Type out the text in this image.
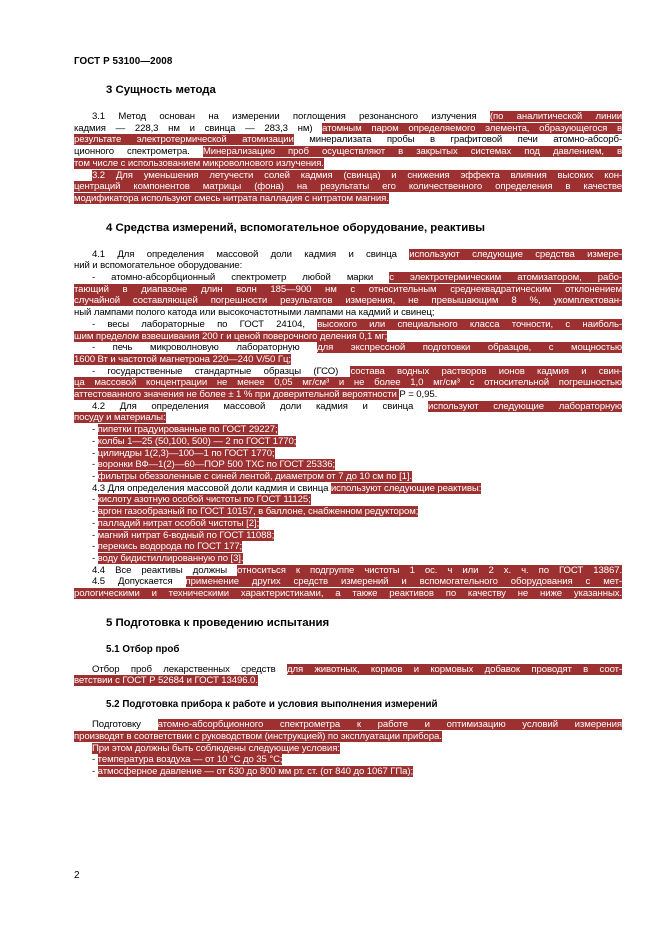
ГОСТ Р 53100—2008
3 Сущность метода
3.1 Метод основан на измерении поглощения резонансного излучения (по аналитической линии
кадмия — 228,3 нм и свинца — 283,3 нм) атомным паром определяемого элемента, образующегося в
результате электротермической атомизации минерализата пробы в графитовой печи атомно-абсорб-
ционного спектрометра. Минерализацию проб осуществляют в закрытых системах под давлением, в
том числе с использованием микроволнового излучения.
3.2 Для уменьшения летучести солей кадмия (свинца) и снижения эффекта влияния высоких кон-
центраций компонентов матрицы (фона) на результаты его количественного определения в качестве
модификатора используют смесь нитрата палладия с нитратом магния.
4 Средства измерений, вспомогательное оборудование, реактивы
4.1 Для определения массовой доли кадмия и свинца используют следующие средства измере-
ний и вспомогательное оборудование:
- атомно-абсорбционный спектрометр любой марки с электротермическим атомизатором, рабо-
тающий в диапазоне длин волн 185—900 нм с относительным среднеквадратическим отклонением
случайной составляющей погрешности результатов измерения, не превышающим 8 %, укомплектован-
ный лампами полого катода или высокочастотными лампами на кадмий и свинец;
- весы лабораторные по ГОСТ 24104, высокого или специального класса точности, с наиболь-
шим пределом взвешивания 200 г и ценой поверочного деления 0,1 мг;
- печь микроволновую лабораторную для экспрессной подготовки образцов, с мощностью
1600 Вт и частотой магнетрона 220—240 V/50 Гц;
- государственные стандартные образцы (ГСО) состава водных растворов ионов кадмия и свин-
ца массовой концентрации не менее 0,05 мг/см³ и не более 1,0 мг/см³ с относительной погрешностью
аттестованного значения не более ± 1 % при доверительной вероятности Р = 0,95.
4.2 Для определения массовой доли кадмия и свинца используют следующие лабораторную
посуду и материалы:
- пипетки градуированные по ГОСТ 29227;
- колбы 1—25 (50,100, 500) — 2 по ГОСТ 1770;
- цилиндры 1(2,3)—100—1 по ГОСТ 1770;
- воронки ВФ—1(2)—60—ПОР 500 ТХС по ГОСТ 25336;
- фильтры обеззоленные с синей лентой, диаметром от 7 до 10 см по [1].
4.3 Для определения массовой доли кадмия и свинца используют следующие реактивы:
- кислоту азотную особой чистоты по ГОСТ 11125;
- аргон газообразный по ГОСТ 10157, в баллоне, снабженном редуктором;
- палладий нитрат особой чистоты [2];
- магний нитрат 6-водный по ГОСТ 11088;
- перекись водорода по ГОСТ 177;
- воду бидистиллированную по [3].
4.4 Все реактивы должны относиться к подгруппе чистоты 1 ос. ч или 2 х. ч. по ГОСТ 13867.
4.5 Допускается применение других средств измерений и вспомогательного оборудования с мет-
рологическими и техническими характеристиками, а также реактивов по качеству не ниже указанных.
5 Подготовка к проведению испытания
5.1 Отбор проб
Отбор проб лекарственных средств для животных, кормов и кормовых добавок проводят в соот-
ветствии с ГОСТ Р 52684 и ГОСТ 13496.0.
5.2 Подготовка прибора к работе и условия выполнения измерений
Подготовку атомно-абсорбционного спектрометра к работе и оптимизацию условий измерения
производят в соответствии с руководством (инструкцией) по эксплуатации прибора.
При этом должны быть соблюдены следующие условия:
- температура воздуха — от 10 °С до 35 °С;
- атмосферное давление — от 630 до 800 мм рт. ст. (от 840 до 1067 ГПа);
2
